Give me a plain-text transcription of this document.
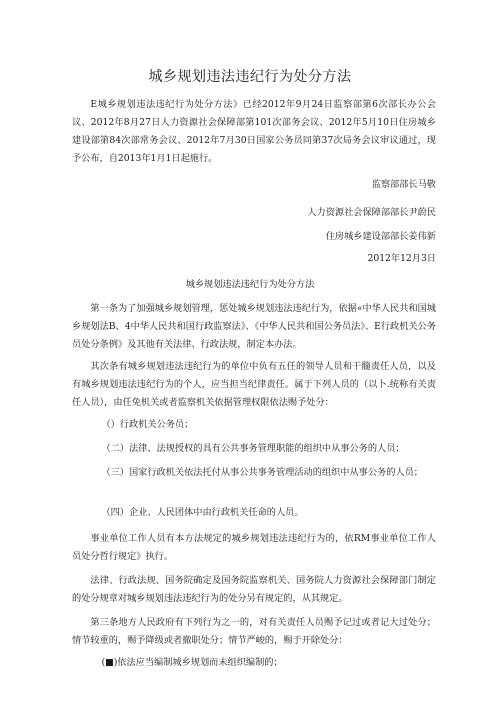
城乡规划违法违纪行为处分方法

E城乡规划违法违纪行为处分方法》已经2012年9月24日监察部第6次部长办公会议、2012年8月27日人力资源社会保障部第101次部务会议、2012年5月10日住房城乡建设部第84次部常务会议、2012年7月30日国家公务员同第37次局务会议审议通过，现予公布，自2013年1月1日起施行。

监察部部长马敬

人力资源社会保障部部长尹蔚民

住房城乡建设部部长姜伟新

2012年12月3日

城乡规划违法违纪行为处分方法

第一条为了加强城乡规划管理，惩处城乡规划违法违纪行为，依据«中华人民共和国城乡规划法B、4中华人民共和国行政监察法》、《中华人民共和国公务员法》、E行政机关公务员处分条例》及其他有关法律、行政法规，制定本办法。

其次条有城乡规划违法违纪行为的单位中负有五任的领导人员和干髓责任人员，以及有城乡规划违法违纪行为的个人，应当担当纪律责任。属于下列人员的（以卜.统称有关责任人员），由任免机关或者监察机关依据管理权限依法赐予处分：

（）行政机关公务员；

（二）法律、法规授权的具有公共事务管理职能的组织中从事公务的人员；

（三）国家行政机关依法托付从事公共事务管理活动的组织中从事公务的人员；

（四）企业、人民团体中由行政机关任命的人员。

事业单位工作人员有本方法规定的城乡规划违法违纪行为的，依RM事业单位工作人员处分哲行规定》执行。

法律、行政法规、国务院确定及国务院监察机关、国务院人力资源社会保障部门制定的处分规章对城乡规划违法违纪行为的处分另有规定的，从其规定。

第三条地方人民政府有下列行为之一的，对有关责任人员赐予记过或者记大过处分；情节较重的，赐予降级或者撤职处分；情节严峻的，赐于开除处分：

(■)依法应当编制城乡规划而未组织编制的；
